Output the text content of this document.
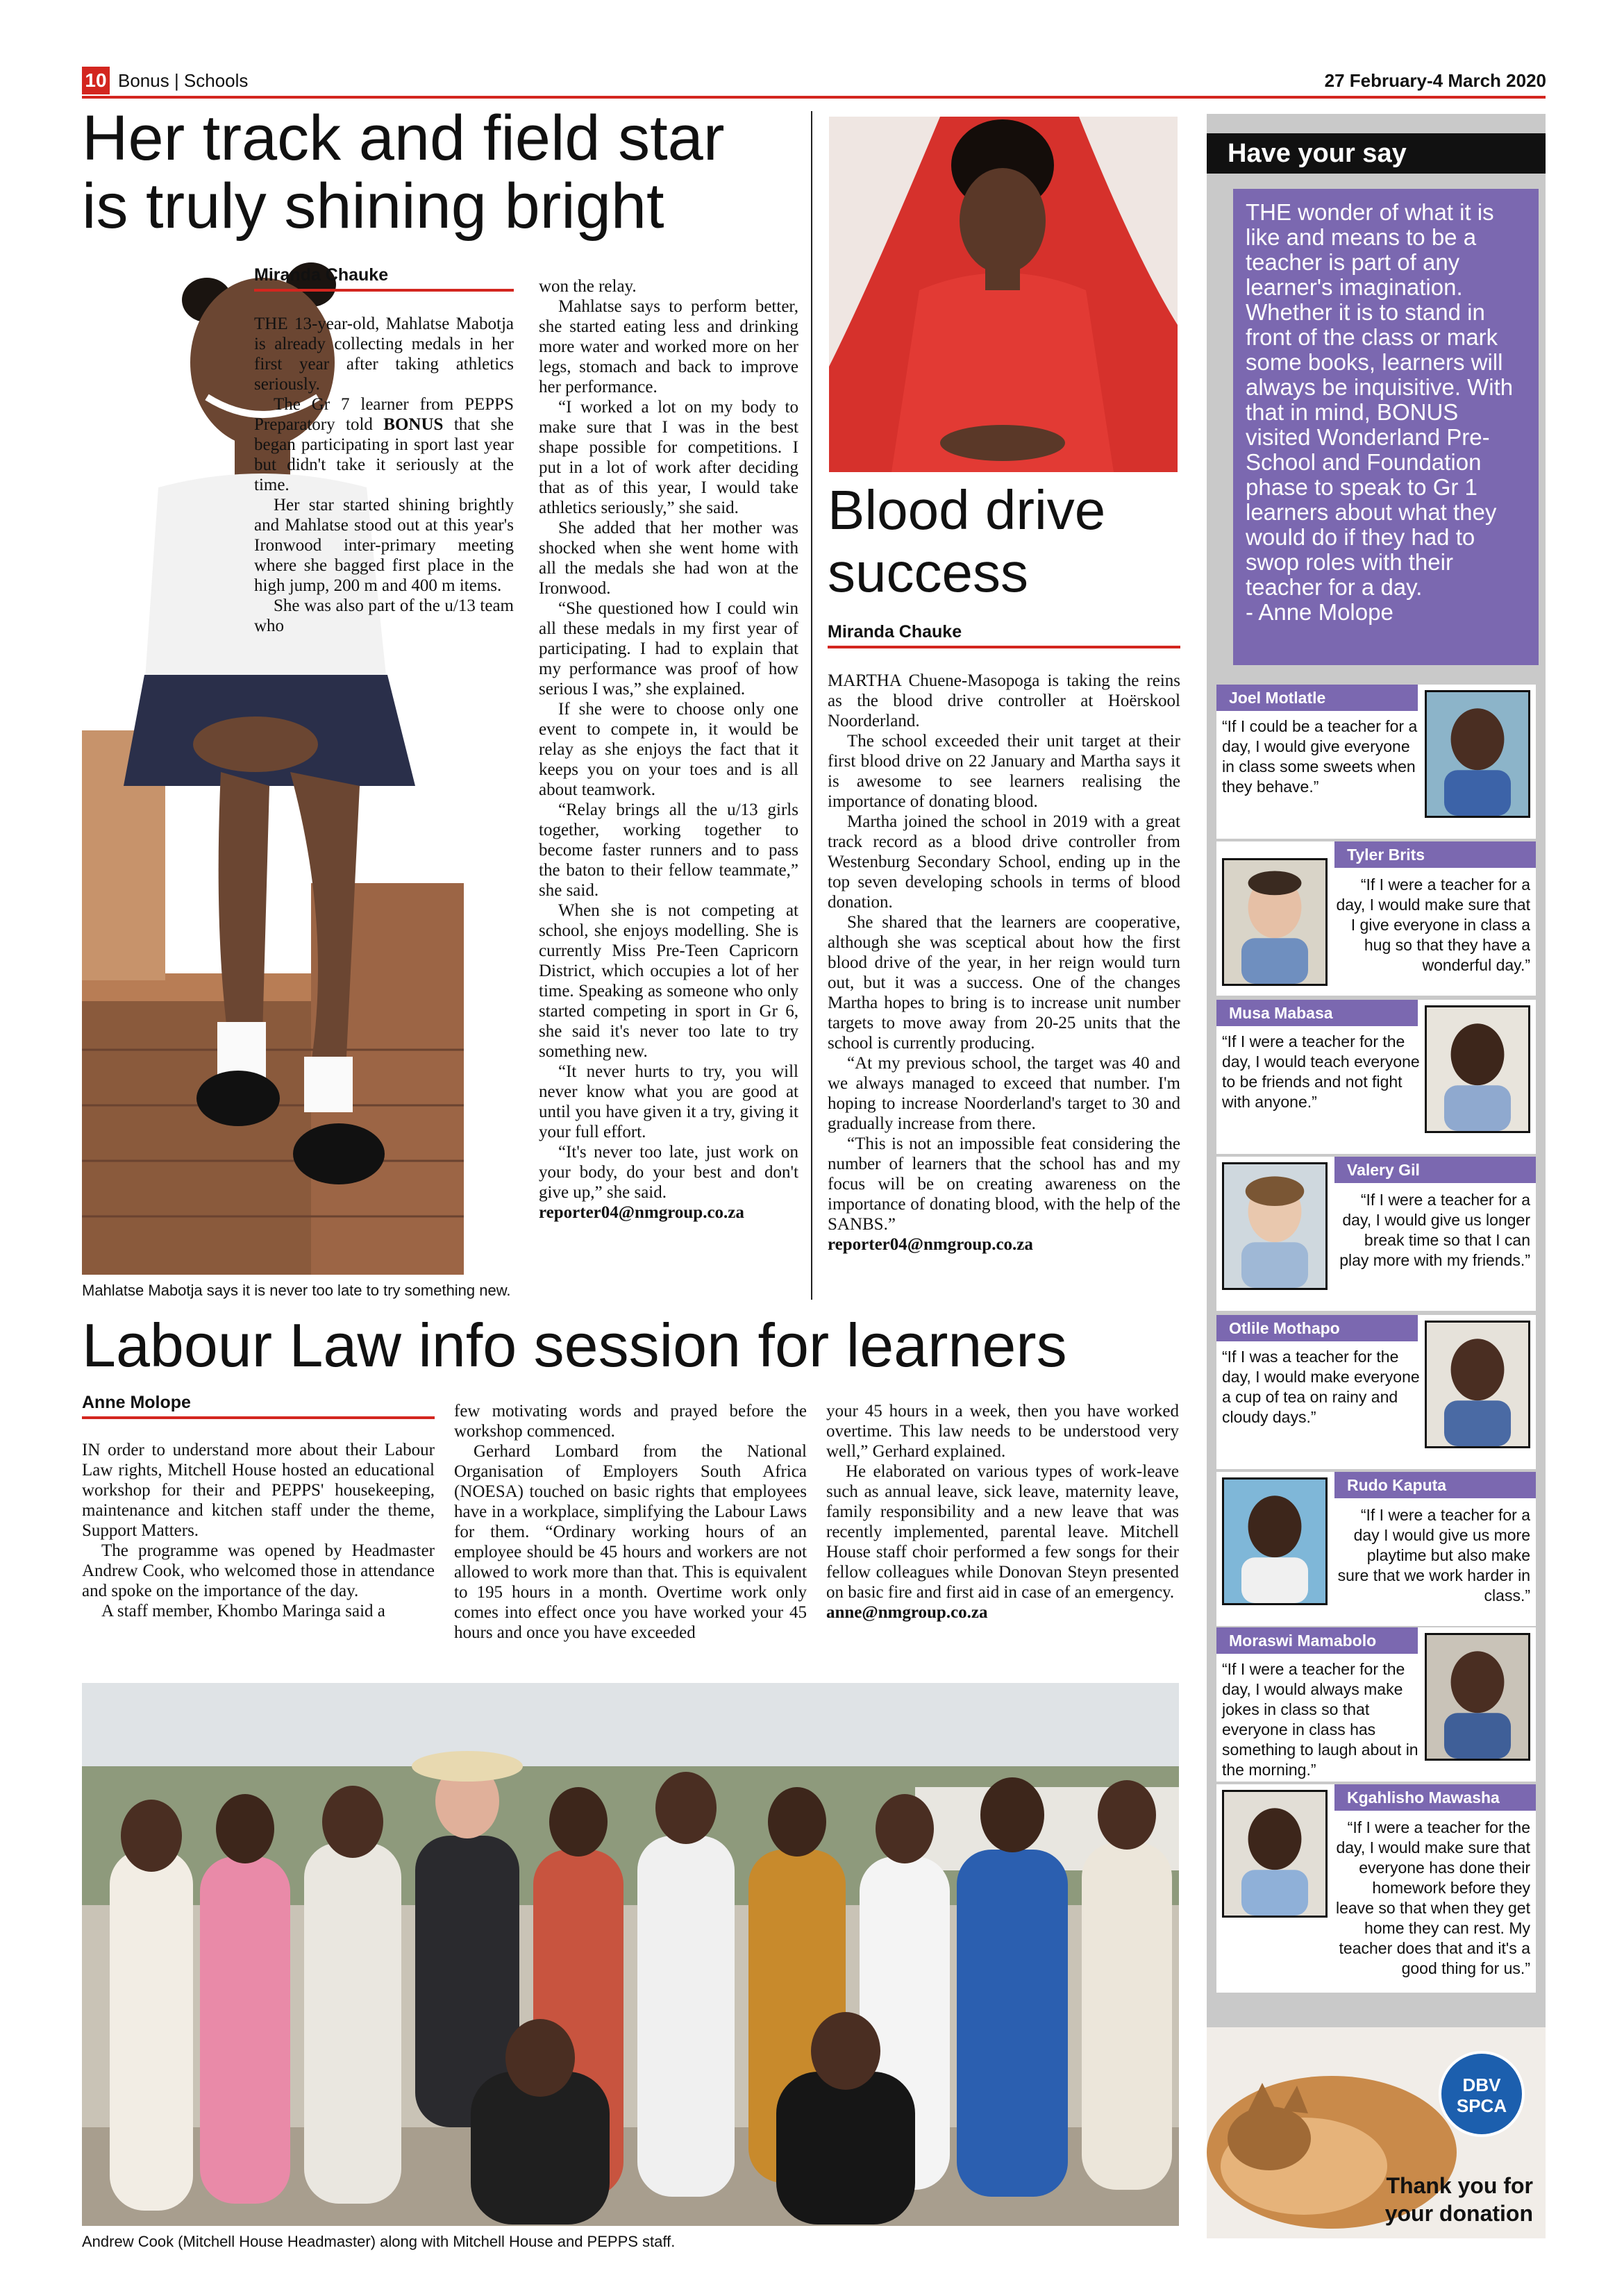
10 Bonus | Schools	27 February-4 March 2020
Her track and field star
is truly shining bright
Miranda Chauke

THE 13-year-old, Mahlatse Mabotja is already collecting medals in her first year after taking athletics seriously.

The Gr 7 learner from PEPPS Preparatory told BONUS that she began participating in sport last year but didn't take it seriously at the time.

Her star started shining brightly and Mahlatse stood out at this year's Ironwood inter-primary meeting where she bagged first place in the high jump, 200 m and 400 m items.

She was also part of the u/13 team who

won the relay.

Mahlatse says to perform better, she started eating less and drinking more water and worked more on her legs, stomach and back to improve her performance.

“I worked a lot on my body to make sure that I was in the best shape possible for competitions. I put in a lot of work after deciding that as of this year, I would take athletics seriously,” she said.

She added that her mother was shocked when she went home with all the medals she had won at the Ironwood.

“She questioned how I could win all these medals in my first year of participating. I had to explain that my performance was proof of how serious I was,” she explained.

If she were to choose only one event to compete in, it would be relay as she enjoys the fact that it keeps you on your toes and is all about teamwork.

“Relay brings all the u/13 girls together, working together to become faster runners and to pass the baton to their fellow teammate,” she said.

When she is not competing at school, she enjoys modelling. She is currently Miss Pre-Teen Capricorn District, which occupies a lot of her time. Speaking as someone who only started competing in sport in Gr 6, she said it's never too late to try something new.

“It never hurts to try, you will never know what you are good at until you have given it a try, giving it your full effort.

“It's never too late, just work on your body, do your best and don't give up,” she said.

reporter04@nmgroup.co.za

Mahlatse Mabotja says it is never too late to try something new.
Blood drive
success
Miranda Chauke

MARTHA Chuene-Masopoga is taking the reins as the blood drive controller at Hoërskool Noorderland.

The school exceeded their unit target at their first blood drive on 22 January and Martha says it is awesome to see learners realising the importance of donating blood.

Martha joined the school in 2019 with a great track record as a blood drive controller from Westenburg Secondary School, ending up in the top seven developing schools in terms of blood donation.

She shared that the learners are cooperative, although she was sceptical about how the first blood drive of the year, in her reign would turn out, but it was a success. One of the changes Martha hopes to bring is to increase unit number targets to move away from 20-25 units that the school is currently producing.

“At my previous school, the target was 40 and we always managed to exceed that number. I'm hoping to increase Noorderland's target to 30 and gradually increase from there.

“This is not an impossible feat considering the number of learners that the school has and my focus will be on creating awareness on the importance of donating blood, with the help of the SANBS.”

reporter04@nmgroup.co.za

Labour Law info session for learners
Anne Molope

IN order to understand more about their Labour Law rights, Mitchell House hosted an educational workshop for their and PEPPS' housekeeping, maintenance and kitchen staff under the theme, Support Matters.

The programme was opened by Headmaster Andrew Cook, who welcomed those in attendance and spoke on the importance of the day.

A staff member, Khombo Maringa said a

few motivating words and prayed before the workshop commenced.

Gerhard Lombard from the National Organisation of Employers South Africa (NOESA) touched on basic rights that employees have in a workplace, simplifying the Labour Laws for them. “Ordinary working hours of an employee should be 45 hours and workers are not allowed to work more than that. This is equivalent to 195 hours in a month. Overtime work only comes into effect once you have worked your 45 hours and once you have exceeded

your 45 hours in a week, then you have worked overtime. This law needs to be understood very well,” Gerhard explained.

He elaborated on various types of work-leave such as annual leave, sick leave, maternity leave, family responsibility and a new leave that was recently implemented, parental leave. Mitchell House staff choir performed a few songs for their fellow colleagues while Donovan Steyn presented on basic fire and first aid in case of an emergency.

anne@nmgroup.co.za

Andrew Cook (Mitchell House Headmaster) along with Mitchell House and PEPPS staff.
Have your say
THE wonder of what it is like and means to be a teacher is part of any learner's imagination. Whether it is to stand in front of the class or mark some books, learners will always be inquisitive. With that in mind, BONUS visited Wonderland Pre-School and Foundation phase to speak to Gr 1 learners about what they would do if they had to swop roles with their teacher for a day.
- Anne Molope
Joel Motlatle
“If I could be a teacher for a day, I would give everyone in class some sweets when they behave.”
Tyler Brits
“If I were a teacher for a day, I would make sure that I give everyone in class a hug so that they have a wonderful day.”
Musa Mabasa
“If I were a teacher for the day, I would teach everyone to be friends and not fight with anyone.”
Valery Gil
“If I were a teacher for a day, I would give us longer break time so that I can play more with my friends.”
Otlile Mothapo
“If I was a teacher for the day, I would make everyone a cup of tea on rainy and cloudy days.”
Rudo Kaputa
“If I were a teacher for a day I would give us more playtime but also make sure that we work harder in class.”
Moraswi Mamabolo
“If I were a teacher for the day, I would always make jokes in class so that everyone in class has something to laugh about in the morning.”
Kgahlisho Mawasha
“If I were a teacher for the day, I would make sure that everyone has done their homework before they leave so that when they get home they can rest. My teacher does that and it's a good thing for us.”
DBV
SPCA
Thank you for
your donation
